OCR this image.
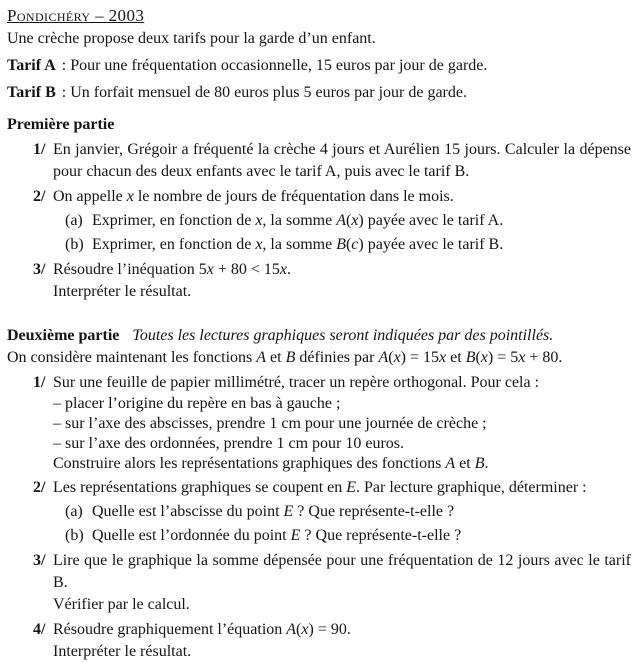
Pondichéry – 2003
Une crèche propose deux tarifs pour la garde d’un enfant.
Tarif A : Pour une fréquentation occasionnelle, 15 euros par jour de garde.
Tarif B : Un forfait mensuel de 80 euros plus 5 euros par jour de garde.
Première partie
1/ En janvier, Grégoir a fréquenté la crèche 4 jours et Aurélien 15 jours. Calculer la dépense
pour chacun des deux enfants avec le tarif A, puis avec le tarif B.
2/ On appelle x le nombre de jours de fréquentation dans le mois.
(a) Exprimer, en fonction de x, la somme A(x) payée avec le tarif A.
(b) Exprimer, en fonction de x, la somme B(c) payée avec le tarif B.
3/ Résoudre l’inéquation 5x + 80 < 15x.
Interpréter le résultat.
Deuxième partie Toutes les lectures graphiques seront indiquées par des pointillés.
On considère maintenant les fonctions A et B définies par A(x) = 15x et B(x) = 5x + 80.
1/ Sur une feuille de papier millimétré, tracer un repère orthogonal. Pour cela :
– placer l’origine du repère en bas à gauche ;
– sur l’axe des abscisses, prendre 1 cm pour une journée de crèche ;
– sur l’axe des ordonnées, prendre 1 cm pour 10 euros.
Construire alors les représentations graphiques des fonctions A et B.
2/ Les représentations graphiques se coupent en E. Par lecture graphique, déterminer :
(a) Quelle est l’abscisse du point E ? Que représente-t-elle ?
(b) Quelle est l’ordonnée du point E ? Que représente-t-elle ?
3/ Lire que le graphique la somme dépensée pour une fréquentation de 12 jours avec le tarif B.
Vérifier par le calcul.
4/ Résoudre graphiquement l’équation A(x) = 90.
Interpréter le résultat.
